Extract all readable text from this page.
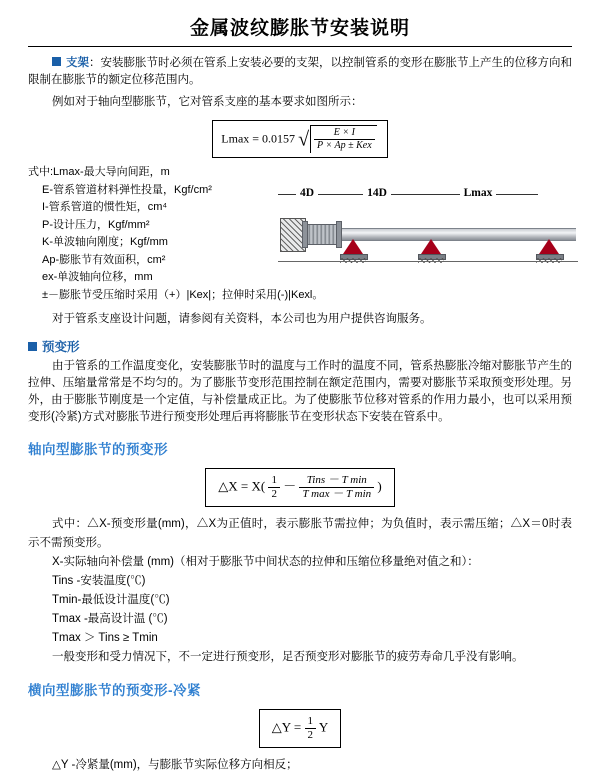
金属波纹膨胀节安装说明

支架：安装膨胀节时必须在管系上安装必要的支架，以控制管系的变形在膨胀节上产生的位移方向和限制在膨胀节的额定位移范围内。

例如对于轴向型膨胀节，它对管系支座的基本要求如图所示：

Lmax = 0.0157 √ $\frac{E \times I}{\text{P × Ap ± Kex}}$
式中:Lmax-最大导向间距，m
E-管系管道材料弹性投量，Kgf/cm²
I-管系管道的惯性矩，cm⁴
P-设计压力，Kgf/mm²
K-单波轴向刚度；Kgf/mm
Ap-膨胀节有效面积，cm²
ex-单波轴向位移，mm
±－膨胀节受压缩时采用（+）|Kex|；拉伸时采用(-)|Kexl。
4D	14D	Lmax

对于管系支座设计问题，请参阅有关资料，本公司也为用户提供咨询服务。

预变形

由于管系的工作温度变化，安装膨胀节时的温度与工作时的温度不同，管系热膨胀冷缩对膨胀节产生的拉伸、压缩量常常是不均匀的。为了膨胀节变形范围控制在额定范围内，需要对膨胀节采取预变形处理。另外，由于膨胀节刚度是一个定值，与补偿量成正比。为了使膨胀节位移对管系的作用力最小，也可以采用预变形(冷紧)方式对膨胀节进行预变形处理后再将膨胀节在变形状态下安装在管系中。

轴向型膨胀节的预变形
△X = $X( \frac{1}{2} - \frac{\text{Tins － T min}}{\text{T max － T min}}$ )

式中：△X-预变形量(mm)，△X为正值时，表示膨胀节需拉伸；为负值时，表示需压缩；△X＝0时表示不需预变形。

X-实际轴向补偿量 (mm)（相对于膨胀节中间状态的拉伸和压缩位移量绝对值之和）：
Tins -安装温度(℃)
Tmin-最低设计温度(℃)
Tmax -最高设计温 (℃)
Tmax ＞ Tins ≥ Tmin

一般变形和受力情况下，不一定进行预变形，足否预变形对膨胀节的疲劳寿命几乎没有影响。

横向型膨胀节的预变形-冷紧
△Y = $\frac{1}{2}$ Y

△Y -冷紧量(mm)，与膨胀节实际位移方向相反；
